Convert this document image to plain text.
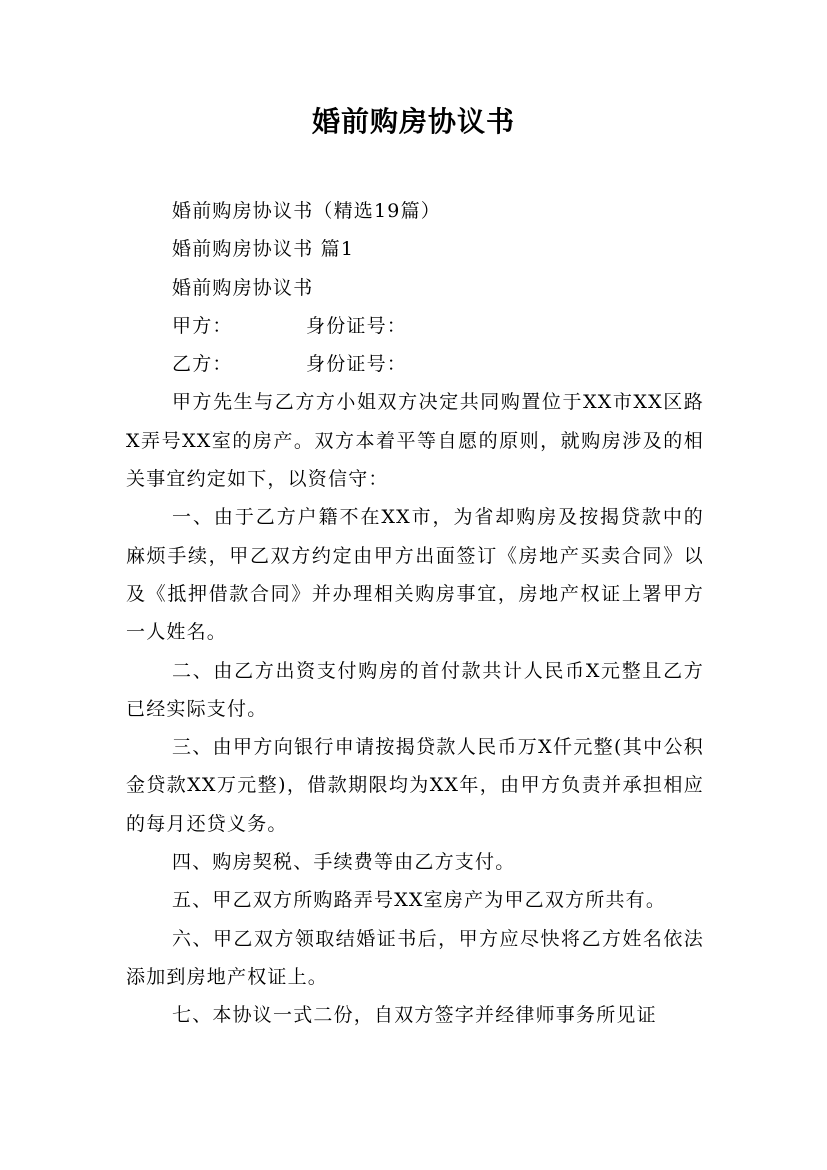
婚前购房协议书

婚前购房协议书（精选19篇）

婚前购房协议书 篇1

婚前购房协议书

甲方：	身份证号：

乙方：	身份证号：

甲方先生与乙方方小姐双方决定共同购置位于XX市XX区路X弄号XX室的房产。双方本着平等自愿的原则，就购房涉及的相关事宜约定如下，以资信守：

一、由于乙方户籍不在XX市，为省却购房及按揭贷款中的麻烦手续，甲乙双方约定由甲方出面签订《房地产买卖合同》以及《抵押借款合同》并办理相关购房事宜，房地产权证上署甲方一人姓名。

二、由乙方出资支付购房的首付款共计人民币X元整且乙方已经实际支付。

三、由甲方向银行申请按揭贷款人民币万X仟元整(其中公积金贷款XX万元整)，借款期限均为XX年，由甲方负责并承担相应的每月还贷义务。

四、购房契税、手续费等由乙方支付。

五、甲乙双方所购路弄号XX室房产为甲乙双方所共有。

六、甲乙双方领取结婚证书后，甲方应尽快将乙方姓名依法添加到房地产权证上。

七、本协议一式二份，自双方签字并经律师事务所见证
